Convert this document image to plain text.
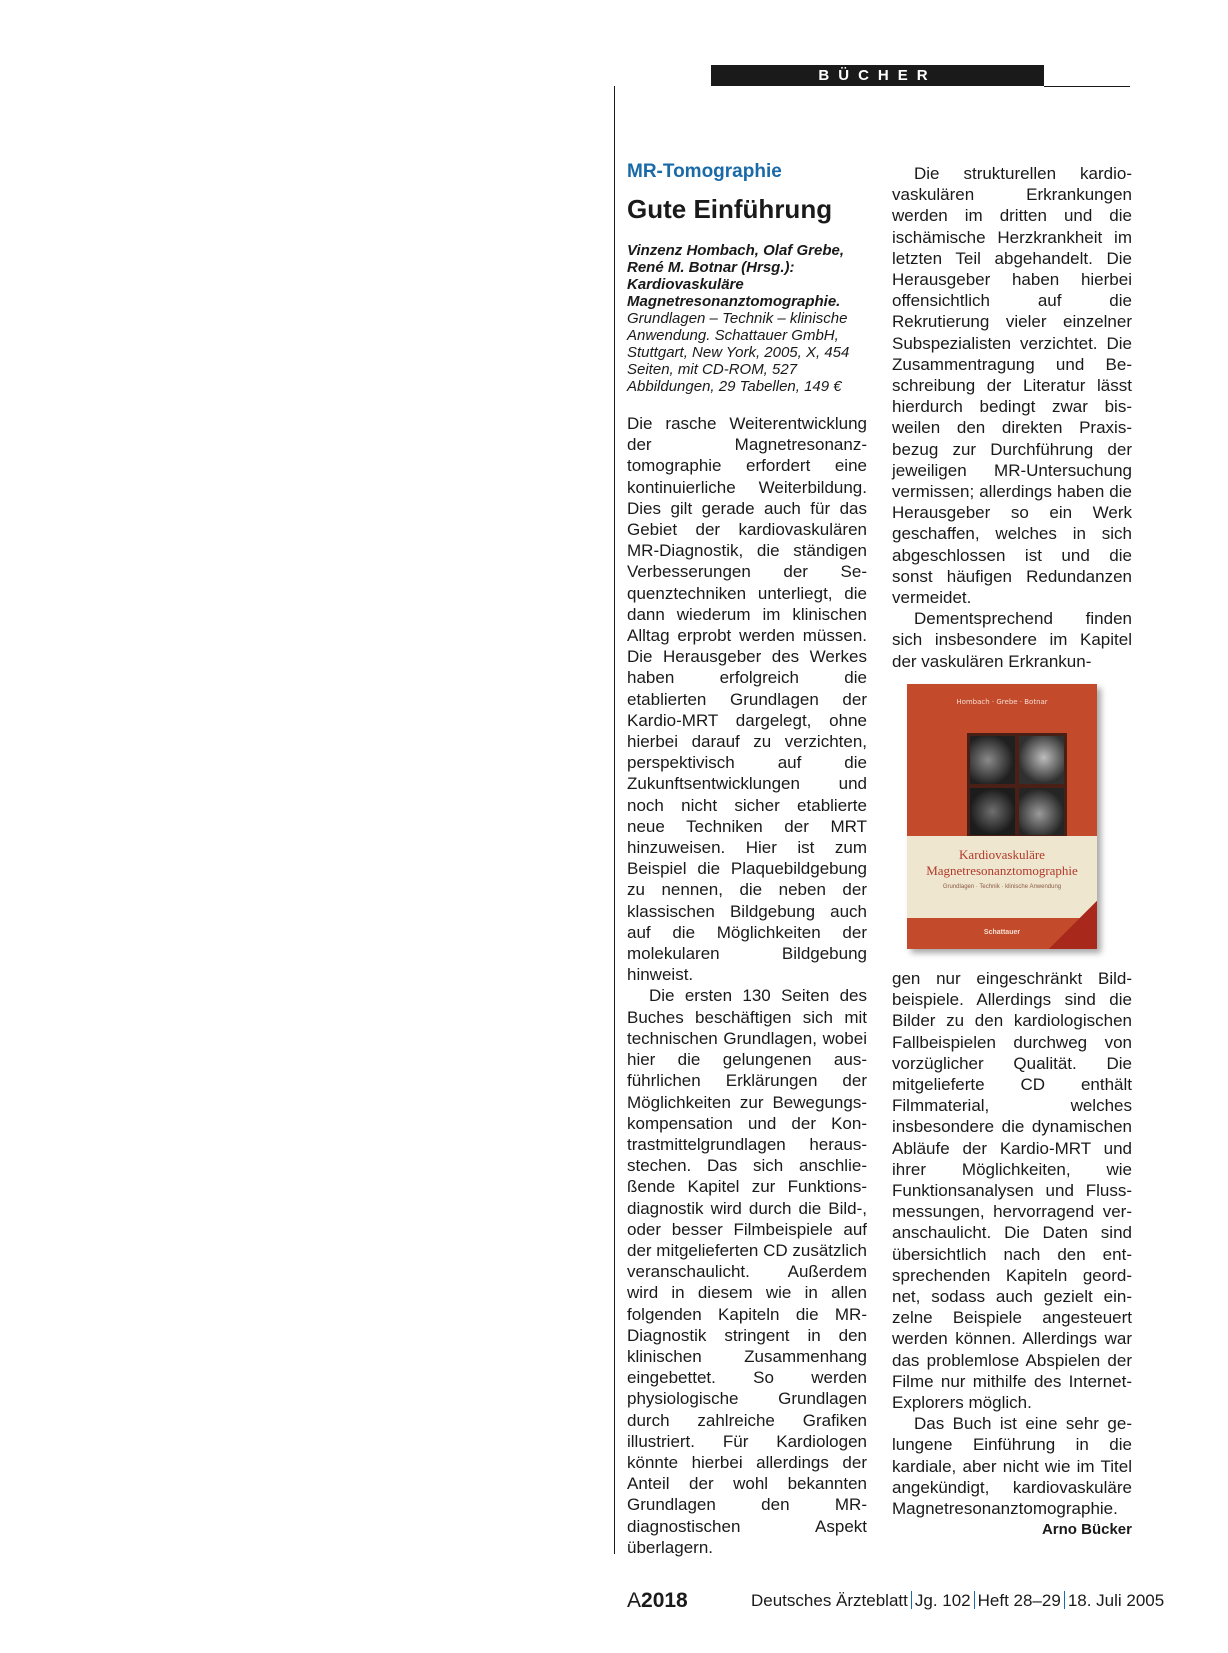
BÜCHER
MR-Tomographie
Gute Einführung
Vinzenz Hombach, Olaf Grebe, René M. Botnar (Hrsg.): Kardiovaskuläre Magnetresonanztomographie. Grundlagen – Technik – klinische Anwendung. Schattauer GmbH, Stuttgart, New York, 2005, X, 454 Seiten, mit CD-ROM, 527 Abbildungen, 29 Tabellen, 149 €

Die rasche Weiterentwicklung der Magnetresonanztomographie erfordert eine kontinuierliche Weiterbildung. Dies gilt gerade auch für das Gebiet der kardiovaskulären MR-Diagnostik, die ständigen Verbesserungen der Sequenztechniken unterliegt, die dann wiederum im klinischen Alltag erprobt werden müssen. Die Herausgeber des Werkes haben erfolgreich die etablierten Grundlagen der Kardio-MRT dargelegt, ohne hierbei darauf zu verzichten, perspektivisch auf die Zukunftsentwicklungen und noch nicht sicher etablierte neue Techniken der MRT hinzuweisen. Hier ist zum Beispiel die Plaquebildgebung zu nennen, die neben der klassischen Bildgebung auch auf die Möglichkeiten der molekularen Bildgebung hinweist.

Die ersten 130 Seiten des Buches beschäftigen sich mit technischen Grundlagen, wobei hier die gelungenen ausführlichen Erklärungen der Möglichkeiten zur Bewegungskompensation und der Kontrastmittelgrundlagen herausstechen. Das sich anschließende Kapitel zur Funktionsdiagnostik wird durch die Bild-, oder besser Filmbeispiele auf der mitgelieferten CD zusätzlich veranschaulicht. Außerdem wird in diesem wie in allen folgenden Kapiteln die MR-Diagnostik stringent in den klinischen Zusammenhang eingebettet. So werden physiologische Grundlagen durch zahlreiche Grafiken illustriert. Für Kardiologen könnte hierbei allerdings der Anteil der wohl bekannten Grundlagen den MR-diagnostischen Aspekt überlagern.

Die strukturellen kardiovaskulären Erkrankungen werden im dritten und die ischämische Herzkrankheit im letzten Teil abgehandelt. Die Herausgeber haben hierbei offensichtlich auf die Rekrutierung vieler einzelner Subspezialisten verzichtet. Die Zusammentragung und Beschreibung der Literatur lässt hierdurch bedingt zwar bisweilen den direkten Praxisbezug zur Durchführung der jeweiligen MR-Untersuchung vermissen; allerdings haben die Herausgeber so ein Werk geschaffen, welches in sich abgeschlossen ist und die sonst häufigen Redundanzen vermeidet.

Dementsprechend finden sich insbesondere im Kapitel der vaskulären Erkrankun-

Hombach · Grebe · Botnar
Kardiovaskuläre
Magnetresonanztomographie
Grundlagen · Technik · klinische Anwendung
Schattauer

gen nur eingeschränkt Bildbeispiele. Allerdings sind die Bilder zu den kardiologischen Fallbeispielen durchweg von vorzüglicher Qualität. Die mitgelieferte CD enthält Filmmaterial, welches insbesondere die dynamischen Abläufe der Kardio-MRT und ihrer Möglichkeiten, wie Funktionsanalysen und Flussmessungen, hervorragend veranschaulicht. Die Daten sind übersichtlich nach den entsprechenden Kapiteln geordnet, sodass auch gezielt einzelne Beispiele angesteuert werden können. Allerdings war das problemlose Abspielen der Filme nur mithilfe des Internet-Explorers möglich.

Das Buch ist eine sehr gelungene Einführung in die kardiale, aber nicht wie im Titel angekündigt, kardiovaskuläre Magnetresonanztomographie.
Arno Bücker

A2018	Deutsches Ärzteblatt Jg. 102 Heft 28–29 18. Juli 2005
